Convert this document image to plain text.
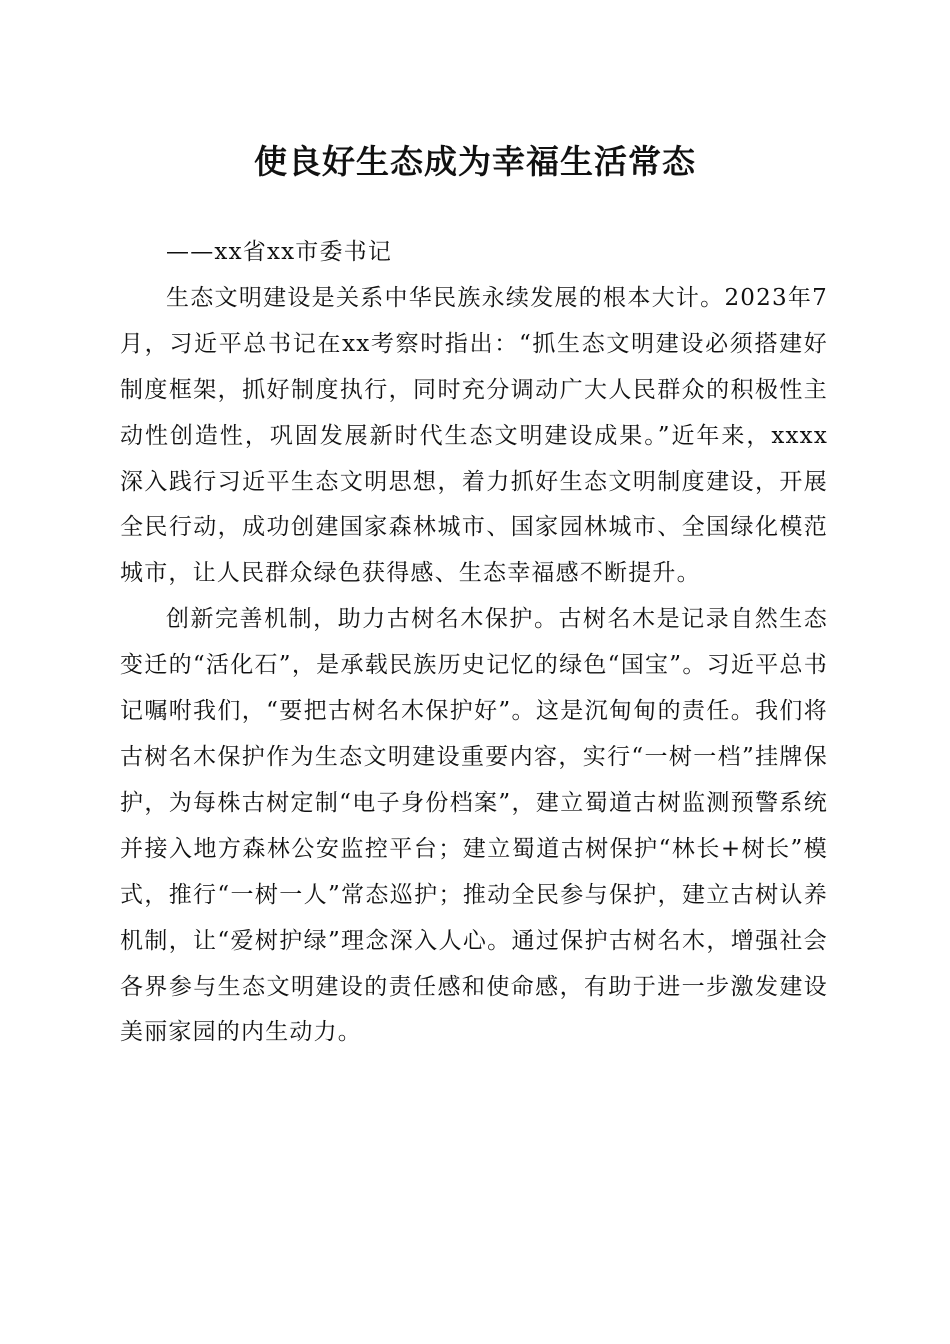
使良好生态成为幸福生活常态

——xx省xx市委书记

生态文明建设是关系中华民族永续发展的根本大计。2023年7月，习近平总书记在xx考察时指出：“抓生态文明建设必须搭建好制度框架，抓好制度执行，同时充分调动广大人民群众的积极性主动性创造性，巩固发展新时代生态文明建设成果。”近年来，xxxx深入践行习近平生态文明思想，着力抓好生态文明制度建设，开展全民行动，成功创建国家森林城市、国家园林城市、全国绿化模范城市，让人民群众绿色获得感、生态幸福感不断提升。

创新完善机制，助力古树名木保护。古树名木是记录自然生态变迁的“活化石”，是承载民族历史记忆的绿色“国宝”。习近平总书记嘱咐我们，“要把古树名木保护好”。这是沉甸甸的责任。我们将古树名木保护作为生态文明建设重要内容，实行“一树一档”挂牌保护，为每株古树定制“电子身份档案”，建立蜀道古树监测预警系统并接入地方森林公安监控平台；建立蜀道古树保护“林长+树长”模式，推行“一树一人”常态巡护；推动全民参与保护，建立古树认养机制，让“爱树护绿”理念深入人心。通过保护古树名木，增强社会各界参与生态文明建设的责任感和使命感，有助于进一步激发建设美丽家园的内生动力。
